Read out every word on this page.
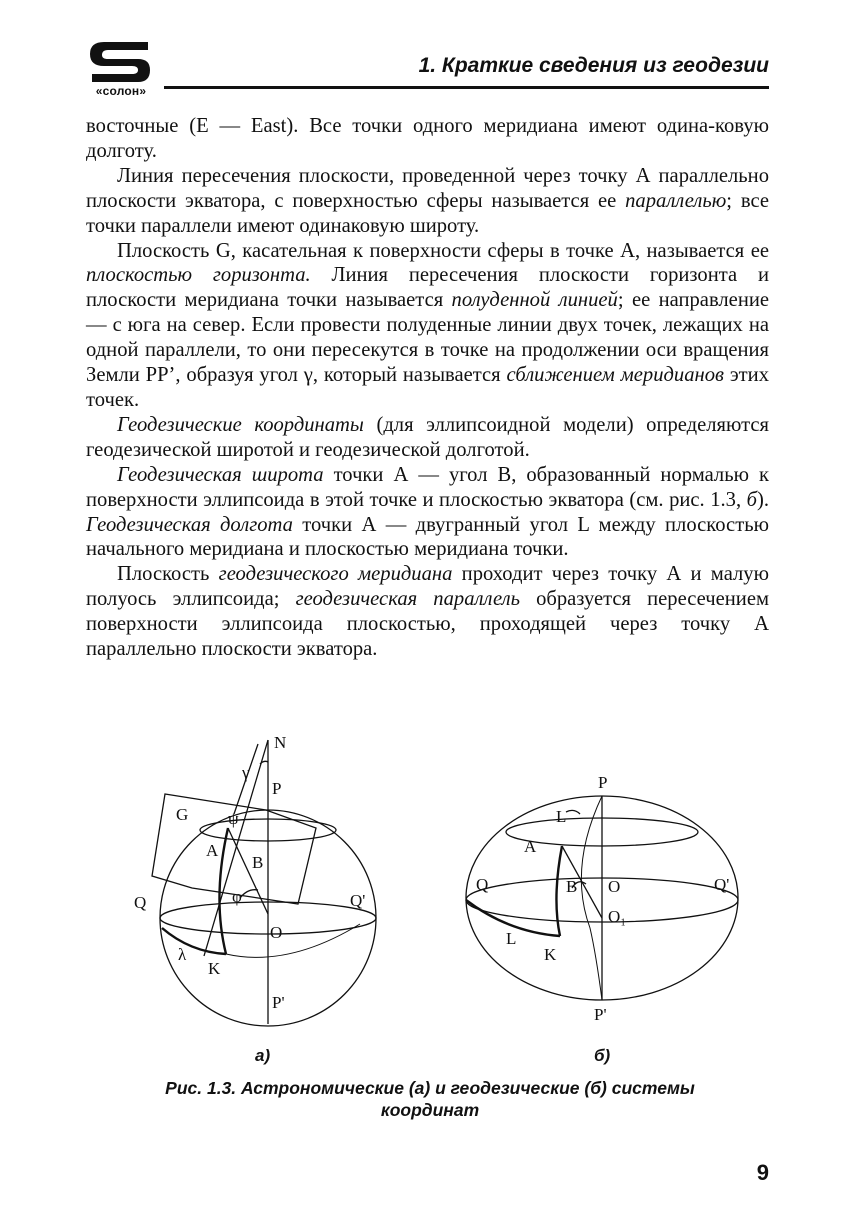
«солон»
1. Краткие сведения из геодезии

восточные (Е — East). Все точки одного меридиана имеют одина-ковую долготу.

Линия пересечения плоскости, проведенной через точку А параллельно плоскости экватора, с поверхностью сферы называется ее параллелью; все точки параллели имеют одинаковую широту.

Плоскость G, касательная к поверхности сферы в точке А, называется ее плоскостью горизонта. Линия пересечения плоскости горизонта и плоскости меридиана точки называется полуденной линией; ее направление — с юга на север. Если провести полуденные линии двух точек, лежащих на одной параллели, то они пересекутся в точке на продолжении оси вращения Земли PP’, образуя угол γ, который называется сближением меридианов этих точек.

Геодезические координаты (для эллипсоидной модели) определяются геодезической широтой и геодезической долготой.

Геодезическая широта точки А — угол В, образованный нормалью к поверхности эллипсоида в этой точке и плоскостью экватора (см. рис. 1.3, б). Геодезическая долгота точки А — двугранный угол L между плоскостью начального меридиана и плоскостью меридиана точки.

Плоскость геодезического меридиана проходит через точку А и малую полуось эллипсоида; геодезическая параллель образуется пересечением поверхности эллипсоида плоскостью, проходящей через точку А параллельно плоскости экватора.

N
γ
P
G ψ
A
B
φ
Q	Q'
O
λ
K
P'
P
L
A
Q	B O	Q'
O₁
L
K
P'
а)	б)
Рис. 1.3. Астрономические (а) и геодезические (б) системы координат
9
